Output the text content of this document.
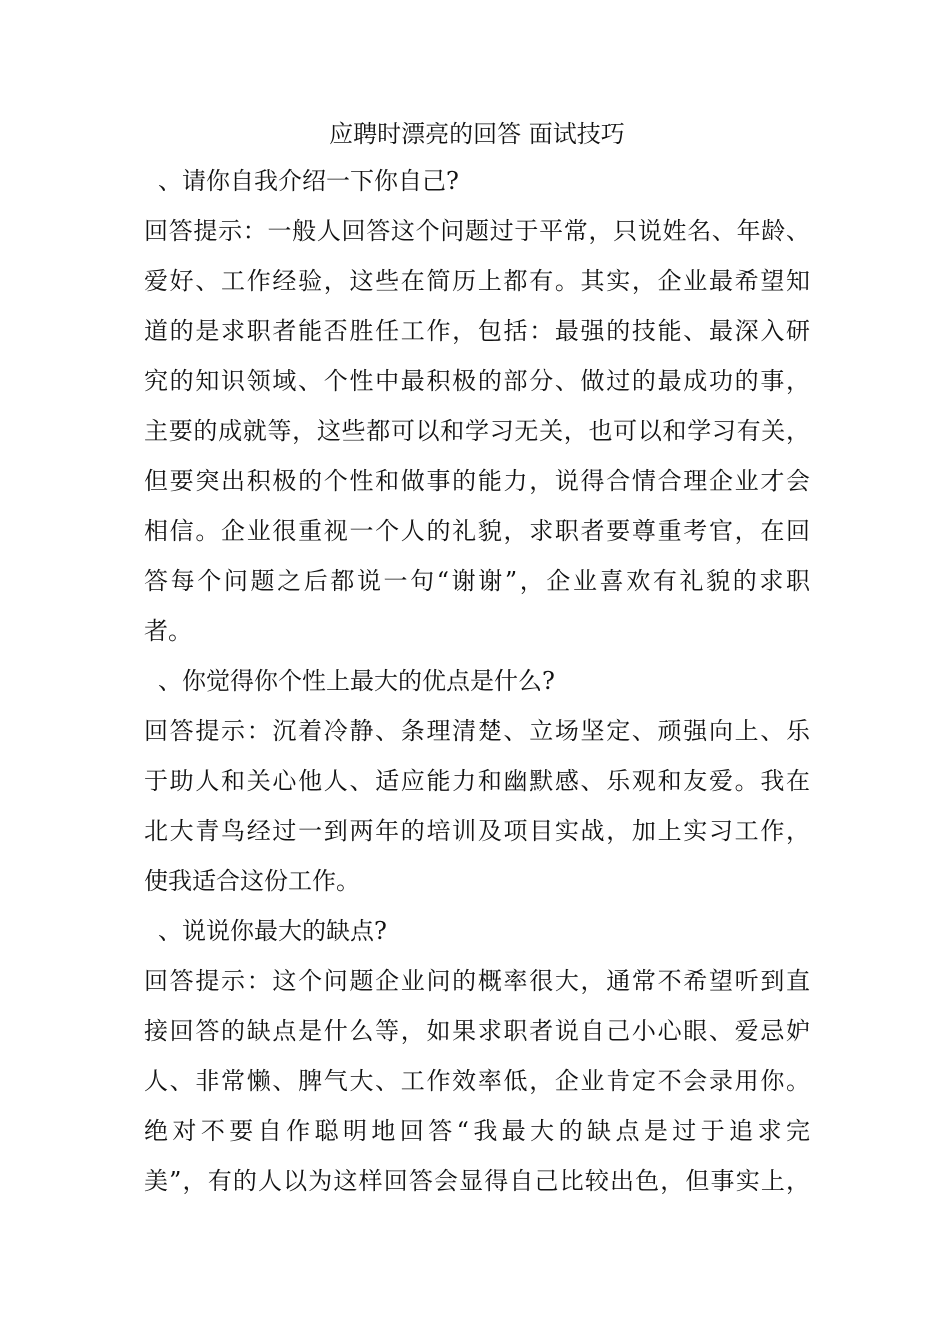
应聘时漂亮的回答 面试技巧

、请你自我介绍一下你自己?

回答提示：一般人回答这个问题过于平常，只说姓名、年龄、
爱好、工作经验，这些在简历上都有。其实，企业最希望知
道的是求职者能否胜任工作，包括：最强的技能、最深入研
究的知识领域、个性中最积极的部分、做过的最成功的事，
主要的成就等，这些都可以和学习无关，也可以和学习有关，
但要突出积极的个性和做事的能力，说得合情合理企业才会
相信。企业很重视一个人的礼貌，求职者要尊重考官，在回
答每个问题之后都说一句“谢谢”，企业喜欢有礼貌的求职
者。

、你觉得你个性上最大的优点是什么?

回答提示：沉着冷静、条理清楚、立场坚定、顽强向上、乐
于助人和关心他人、适应能力和幽默感、乐观和友爱。我在
北大青鸟经过一到两年的培训及项目实战，加上实习工作，
使我适合这份工作。

、说说你最大的缺点?

回答提示：这个问题企业问的概率很大，通常不希望听到直
接回答的缺点是什么等，如果求职者说自己小心眼、爱忌妒
人、非常懒、脾气大、工作效率低，企业肯定不会录用你。
绝对不要自作聪明地回答“我最大的缺点是过于追求完
美”，有的人以为这样回答会显得自己比较出色，但事实上，
